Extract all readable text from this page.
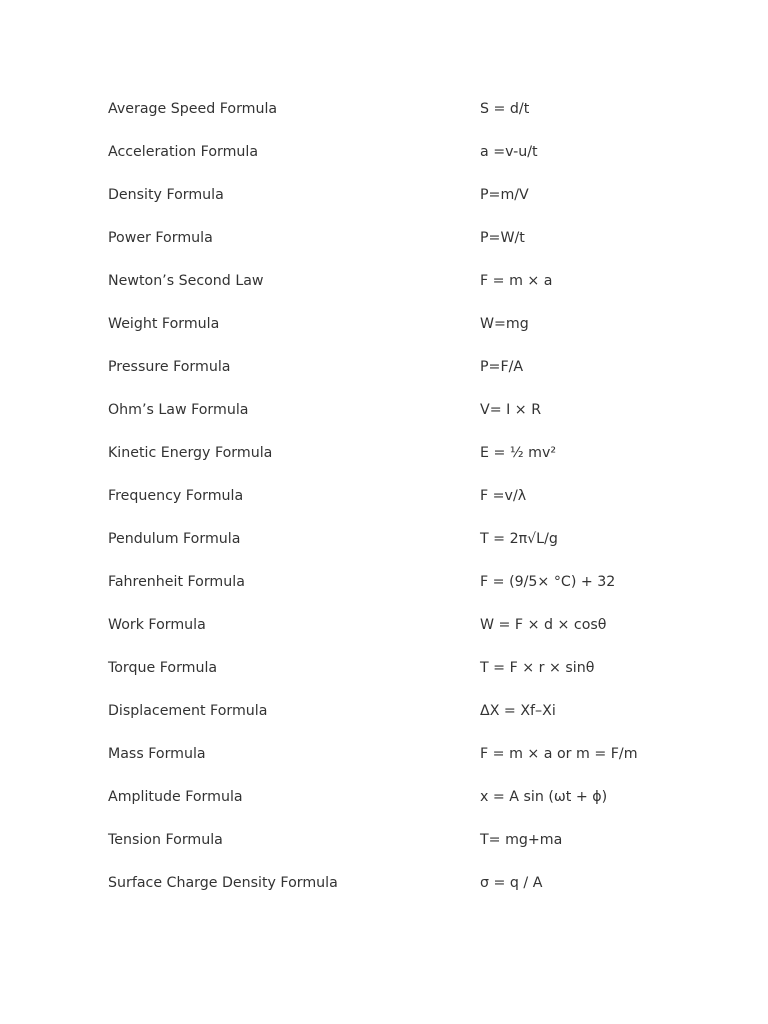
Average Speed Formula	S = d/t
Acceleration Formula	a =v-u/t
Density Formula	P=m/V
Power Formula	P=W/t
Newton’s Second Law	F = m × a
Weight Formula	W=mg
Pressure Formula	P=F/A
Ohm’s Law Formula	V= I × R
Kinetic Energy Formula	E = ½ mv²
Frequency Formula	F =v/λ
Pendulum Formula	T = 2π√L/g
Fahrenheit Formula	F = (9/5× °C) + 32
Work Formula	W = F × d × cosθ
Torque Formula	T = F × r × sinθ
Displacement Formula	ΔX = Xf–Xi
Mass Formula	F = m × a or m = F/m
Amplitude Formula	x = A sin (ωt + ϕ)
Tension Formula	T= mg+ma
Surface Charge Density Formula	σ = q / A
